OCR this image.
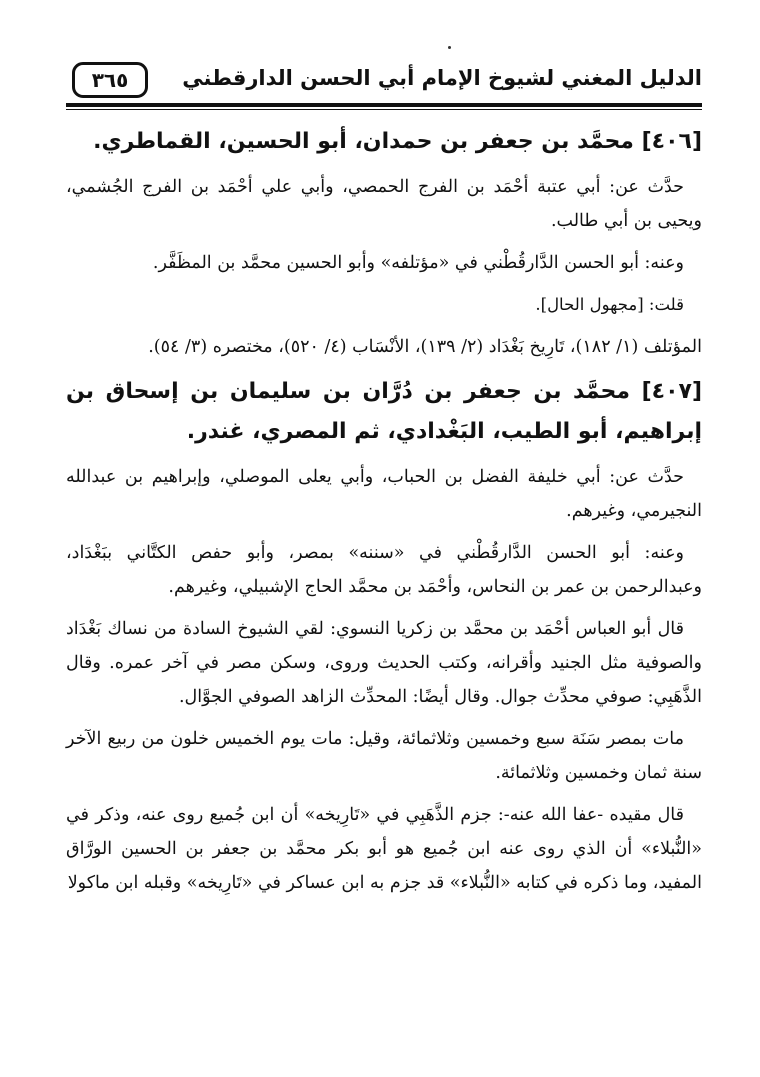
الدليل المغني لشيوخ الإمام أبي الحسن الدارقطني
٣٦٥
[٤٠٦] محمَّد بن جعفر بن حمدان، أبو الحسين، القماطري.

حدَّث عن: أبي عتبة أحْمَد بن الفرج الحمصي، وأبي علي أحْمَد بن الفرج الجُشمي، ويحيى بن أبي طالب.

وعنه: أبو الحسن الدَّارقُطْني في «مؤتلفه» وأبو الحسين محمَّد بن المظَفَّر.

قلت: [مجهول الحال].

المؤتلف (١/ ١٨٢)، تَارِيخ بَغْدَاد (٢/ ١٣٩)، الأنْسَاب (٤/ ٥٢٠)، مختصره (٣/ ٥٤).

[٤٠٧] محمَّد بن جعفر بن دُرَّان بن سليمان بن إسحاق بن إبراهيم، أبو الطيب، البَغْدادي، ثم المصري، غندر.

حدَّث عن: أبي خليفة الفضل بن الحباب، وأبي يعلى الموصلي، وإبراهيم بن عبدالله النجيرمي، وغيرهم.

وعنه: أبو الحسن الدَّارقُطْني في «سننه» بمصر، وأبو حفص الكتَّاني ببَغْدَاد، وعبدالرحمن بن عمر بن النحاس، وأحْمَد بن محمَّد الحاج الإشبيلي، وغيرهم.

قال أبو العباس أحْمَد بن محمَّد بن زكريا النسوي: لقي الشيوخ السادة من نساك بَغْدَاد والصوفية مثل الجنيد وأقرانه، وكتب الحديث وروى، وسكن مصر في آخر عمره. وقال الذَّهَبِي: صوفي محدِّث جوال. وقال أيضًا: المحدِّث الزاهد الصوفي الجوَّال.

مات بمصر سَنَة سبع وخمسين وثلاثمائة، وقيل: مات يوم الخميس خلون من ربيع الآخر سنة ثمان وخمسين وثلاثمائة.

قال مقيده -عفا الله عنه-: جزم الذَّهَبِي في «تَارِيخه» أن ابن جُميع روى عنه، وذكر في «النُّبلاء» أن الذي روى عنه ابن جُميع هو أبو بكر محمَّد بن جعفر بن الحسين الورَّاق المفيد، وما ذكره في كتابه «النُّبلاء» قد جزم به ابن عساكر في «تَارِيخه» وقبله ابن ماكولا
